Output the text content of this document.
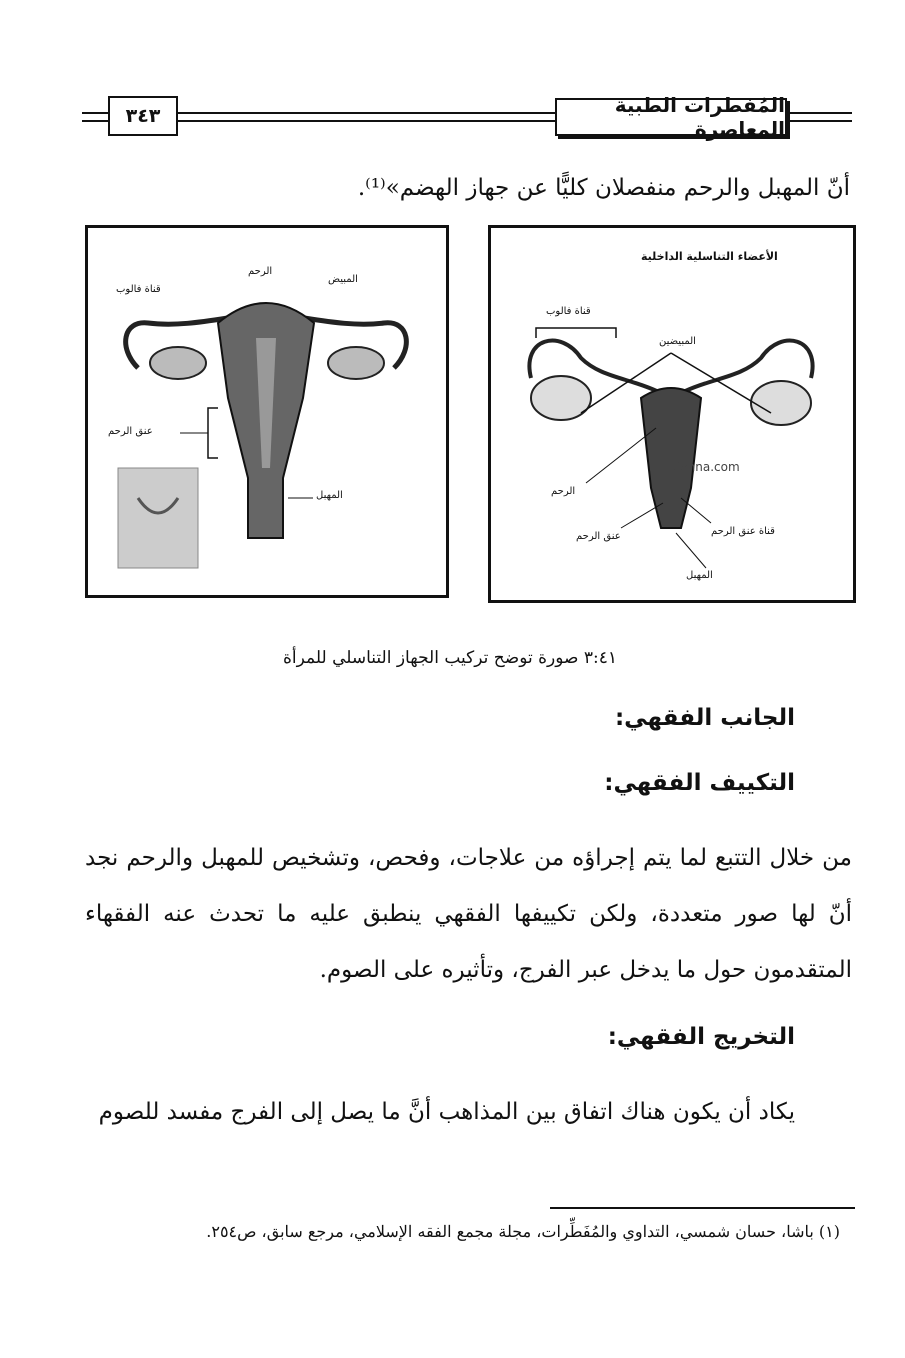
٣٤٣	المُفطرات الطبية المعاصرة
أنّ المهبل والرحم منفصلان كليًّا عن جهاز الهضم»⁽¹⁾.
قناة فالوب
الرحم
المبيض
عنق الرحم
المهبل
الأعضاء التناسلية الداخلية
قناة فالوب
المبيضين
Gehna.com
الرحم
عنق الرحم	قناة عنق الرحم
المهبل
٣:٤١ صورة توضح تركيب الجهاز التناسلي للمرأة
الجانب الفقهي:
التكييف الفقهي:
من خلال التتبع لما يتم إجراؤه من علاجات، وفحص، وتشخيص للمهبل والرحم نجد أنّ لها صور متعددة، ولكن تكييفها الفقهي ينطبق عليه ما تحدث عنه الفقهاء المتقدمون حول ما يدخل عبر الفرج، وتأثيره على الصوم.
التخريج الفقهي:
يكاد أن يكون هناك اتفاق بين المذاهب أنَّ ما يصل إلى الفرج مفسد للصوم
(١) باشا، حسان شمسي، التداوي والمُفَطِّرات، مجلة مجمع الفقه الإسلامي، مرجع سابق، ص٢٥٤.
